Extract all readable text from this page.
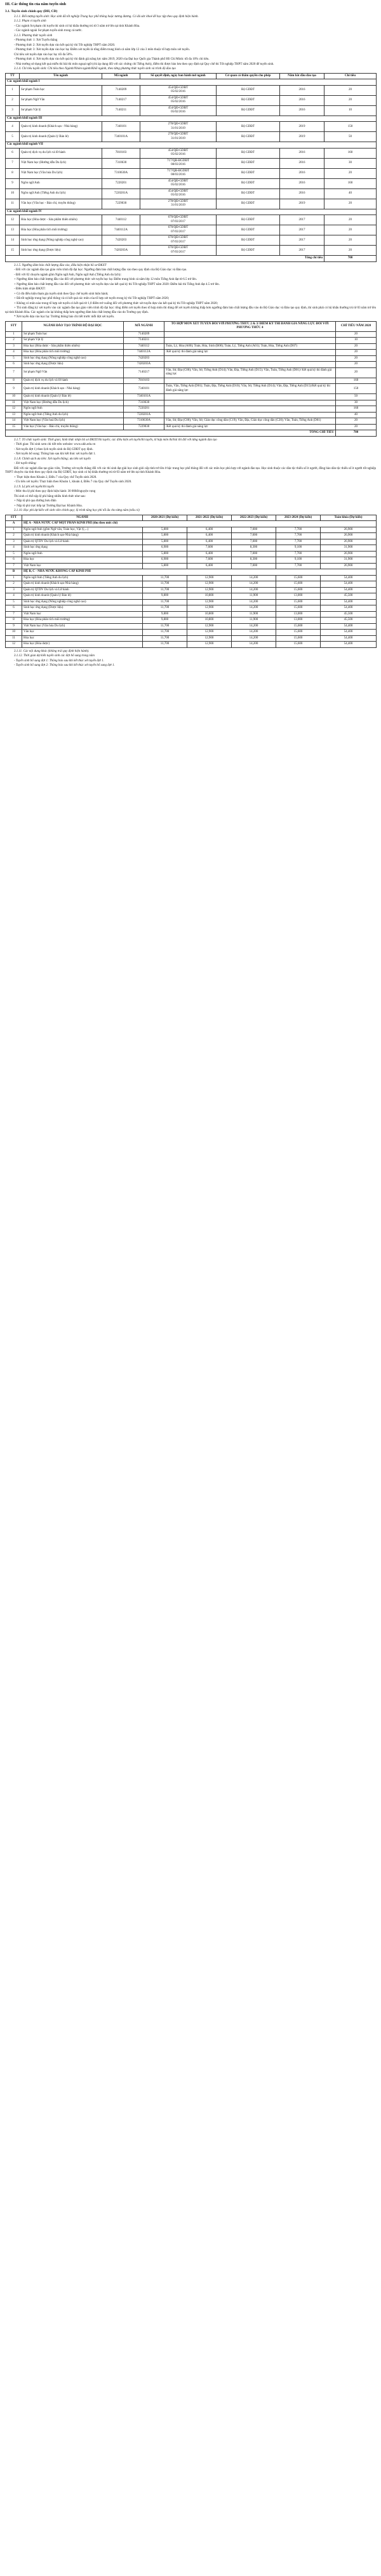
III. Các thông tin của năm tuyển sinh
3.1. Tuyển sinh chính quy (ĐH, CĐ)

3.1.1. Đối tượng tuyển sinh: Học sinh đã tốt nghiệp Trung học phổ thông hoặc tương đương. Có đủ sức khoẻ để học tập theo quy định hiện hành.

3.1.2. Phạm vi tuyển sinh

- Các ngành Sư phạm chỉ tuyển thí sinh có hộ khẩu thường trú từ 3 năm trở lên tại tỉnh Khánh Hòa.

- Các ngành ngoài Sư phạm tuyển sinh trong cả nước.

3.1.3. Phương thức tuyển sinh

- Phương thức 1: Xét Tuyển thẳng

- Phương thức 2: Xét tuyển dựa vào kết quả kỳ thi Tốt nghiệp THPT năm 2020.

- Phương thức 3: Xét tuyển dựa vào học bạ: Điểm xét tuyển là tổng điểm trung bình cả năm lớp 12 của 3 môn thuộc tổ hợp môn xét tuyển.

Chỉ tiêu xét tuyển dựa vào học bạ: tối đa 50%.

- Phương thức 4: Xét tuyển dựa vào kết quả kỳ thi đánh giá năng lực năm 2019, 2020 của Đại học Quốc gia Thành phố Hồ Chí Minh: tối đa 10% chỉ tiêu.

- Nhà trường sử dụng kết quả miễn thi bài thi môn ngoại ngữ (chỉ áp dụng đối với các chứng chỉ Tiếng Anh), điểm thi được bảo lưu theo quy định tại Quy chế thi Tốt nghiệp THPT năm 2020 để tuyển sinh.

3.1.4. Chỉ tiêu tuyển sinh: Chỉ tiêu theo Ngành/Nhóm ngành/Khối ngành, theo từng phương thức tuyển sinh và trình độ đào tạo

TT	Tên ngành	Mã ngành	Số quyết định, ngày ban hành mở ngành	Cơ quan có thẩm quyền cho phép	Năm bắt đầu đào tạo	Chỉ tiêu
Các ngành khối ngành I						
1	Sư phạm Toán học	7140209	454/QĐ-GDĐT
05/02/2016	Bộ GDĐT	2016	20
2	Sư phạm Ngữ Văn	7140217	454/QĐ-GDĐT
05/02/2016	Bộ GDĐT	2016	20
3	Sư phạm Vật lý	7140211	454/QĐ-GDĐT
05/02/2016	Bộ GDĐT	2016	10
Các ngành khối ngành III						
4	Quản trị kinh doanh (Khách sạn - Nhà hàng)	7340101	278/QĐ-GDĐT
31/01/2019	Bộ GDĐT	2019	150
5	Quản trị kinh doanh (Quản lý Bán lẻ)	7340101A	278/QĐ-GDĐT
31/01/2019	Bộ GDĐT	2019	50
Các ngành khối ngành VII						
6	Quản trị dịch vụ du lịch và lữ hành	7810103	454/QĐ-GDĐT
05/02/2016	Bộ GDĐT	2016	160
7	Việt Nam học (Hướng dẫn Du lịch)	7310630	717/QĐ-BGDĐT
08/03/2016	Bộ GDĐT	2016	30
8	Việt Nam học (Văn hóa Du lịch)	7310630A	717/QĐ-BGDĐT
08/03/2016	Bộ GDĐT	2016	20
9	Ngôn ngữ Anh	7220201	454/QĐ-GDĐT
05/02/2016	Bộ GDĐT	2016	160
10	Ngôn ngữ Anh (Tiếng Anh du lịch)	7220201A	454/QĐ-GDĐT
05/02/2016	Bộ GDĐT	2016	40
11	Văn học (Văn học - Báo chí, truyền thông)	7229030	278/QĐ-GDĐT
31/01/2019	Bộ GDĐT	2019	20
Các ngành khối ngành IV						
12	Hóa học (Hóa dược - Sản phẩm thiên nhiên)	7440112	670/QĐ-GDĐT
07/03/2017	Bộ GDĐT	2017	20
13	Hóa học (Hóa phân tích môi trường)	7440112A	670/QĐ-GDĐT
07/03/2017	Bộ GDĐT	2017	20
14	Sinh học ứng dụng (Nông nghiệp công nghệ cao)	7420203	670/QĐ-GDĐT
07/03/2017	Bộ GDĐT	2017	20
15	Sinh học ứng dụng (Dược liệu)	7420203A	670/QĐ-GDĐT
07/03/2017	Bộ GDĐT	2017	20
Tổng chỉ tiêu						700

3.1.5. Ngưỡng đảm bảo chất lượng đầu vào, điều kiện nhận hồ sơ ĐKXT

- Đối với các ngành đào tạo giáo viên trình độ đại học: Ngưỡng đảm bảo chất lượng đầu vào theo quy định của Bộ Giáo dục và Đào tạo.

- Đối với 02 chuyên ngành gồm Ngôn ngữ Anh, Ngôn ngữ Anh (Tiếng Anh du lịch):

+ Ngưỡng đảm bảo chất lượng đầu vào đối với phương thức xét tuyển học bạ: Điểm trung bình cả năm lớp 12 môn Tiếng Anh đạt từ 6.5 trở lên.

+ Ngưỡng đảm bảo chất lượng đầu vào đối với phương thức xét tuyển dựa vào kết quả kỳ thi Tốt nghiệp THPT năm 2020: Điểm bài thi Tiếng Anh đạt 4.5 trở lên.

- Điều kiện nhận ĐKXT:

+ Có đủ điều kiện tham gia tuyển sinh theo Quy chế tuyển sinh hiện hành;

+ Đã tốt nghiệp trung học phổ thông và có kết quả các môn của tổ hợp xét tuyển trong kỳ thi Tốt nghiệp THPT năm 2020;

+ Không có môn nào trong tổ hợp xét tuyển có kết quả từ 1,0 điểm trở xuống đối với phương thức xét tuyển dựa vào kết quả kỳ thi Tốt nghiệp THPT năm 2020;

+ Thí sinh đăng ký xét tuyển vào các ngành đào tạo giáo viên trình độ đại học: tổng điểm xét tuyển theo tổ hợp môn thi dùng để xét tuyển không thấp hơn ngưỡng đảm bảo chất lượng đầu vào do Bộ Giáo dục và Đào tạo quy định, thí sinh phải có hộ khẩu thường trú từ 03 năm trở lên tại tỉnh Khánh Hòa. Các ngành còn lại không thấp hơn ngưỡng đảm bảo chất lượng đầu vào do Trường quy định.

* Xét tuyển dựa vào học bạ: Trường thông báo chi tiết trước mỗi đợt xét tuyển.

STT	NGÀNH ĐÀO TẠO TRÌNH ĐỘ ĐẠI HỌC	MÃ NGÀNH	TỔ HỢP MÔN XÉT TUYỂN ĐỐI VỚI PHƯƠNG THỨC 2 & 3/ ĐIỂM KỲ THI ĐÁNH GIÁ NĂNG LỰC ĐỐI VỚI PHƯƠNG THỨC 4	CHỈ TIÊU NĂM 2020
1	Sư phạm Toán học	7140209		20
2	Sư phạm Vật lý	7140211		10
3	Hóa học (Hóa dược - Sản phẩm thiên nhiên)	7440112	Toán, Lý, Hóa (A00); Toán, Hóa, Sinh (B00); Toán, Lý, Tiếng Anh (A01); Toán, Hóa, Tiếng Anh (D07)	20
4	Hóa học (Hóa phân tích môi trường)	7440112A	/Kết quả kỳ thi đánh giá năng lực	20
5	Sinh học ứng dụng (Nông nghiệp công nghệ cao)	7420203		20
6	Sinh học ứng dụng (Dược liệu)	7420203A		20
7	Sư phạm Ngữ Văn	7140217	Văn, Sử, Địa (C00); Văn, Sử, Tiếng Anh (D14); Văn, Địa, Tiếng Anh (D15); Văn, Toán, Tiếng Anh (D01)/ Kết quả kỳ thi đánh giá năng lực	20
8	Quản trị dịch vụ du lịch và lữ hành	7810103		160
9	Quản trị kinh doanh (Khách sạn - Nhà hàng)	7340101	Toán, Văn, Tiếng Anh (D01); Toán, Địa, Tiếng Anh (D10); Văn, Sử, Tiếng Anh (D14); Văn, Địa, Tiếng Anh (D15)/Kết quả kỳ thi đánh giá năng lực	150
10	Quản trị kinh doanh (Quản lý Bán lẻ)	7340101A		50
11	Việt Nam học (Hướng dẫn Du lịch)	7310630		30
12	Ngôn ngữ Anh	7220201		160
13	Ngôn ngữ Anh (Tiếng Anh du lịch)	7220201A		40
14	Việt Nam học (Văn hoá Du lịch)	7310630A	Văn, Sử, Địa (C00); Văn, Sử, Giáo dục công dân (C19); Văn, Địa, Giáo dục công dân (C20); Văn, Toán, Tiếng Anh (D01)	20
15	Văn học (Văn học - Báo chí, truyền thông)	7229030	/Kết quả kỳ thi đánh giá năng lực	20
TỔNG CHỈ TIÊU				700

3.1.7. Tổ chức tuyển sinh: Thời gian; hình thức nhận hồ sơ ĐKXT/thi tuyển; các điều kiện xét tuyển/thi tuyển, tổ hợp môn thi/bài thi đối với từng ngành đào tạo

- Thời gian: Thí sinh xem chi tiết trên website: www.ukh.edu.vn

- Xét tuyển đợt 1) theo lịch tuyển sinh do Bộ GDĐT quy định.

- Xét tuyển bổ sung: Thông báo sau khi kết thúc xét tuyển đợt 1.

3.1.8. Chính sách ưu tiên: Xét tuyển thẳng; ưu tiên xét tuyển

- Xét tuyển thẳng:

Đối với các ngành đào tạo giáo viên, Trường xét tuyển thẳng đối với các thí sinh đạt giải học sinh giỏi cấp tỉnh trở lên ở bậc trung học phổ thông đối với các môn học phù hợp với ngành đào tạo. Học sinh thuộc các dân tộc thiểu số ít người, đồng bào dân tộc thiểu số ít người tốt nghiệp THPT chuyên của tỉnh theo quy định của Bộ GDĐT, học sinh có hộ khẩu thường trú từ 03 năm trở lên tại tỉnh Khánh Hòa.

+ Thực hiện theo Khoản 2, Điều 7 của Quy chế Tuyển sinh 2020.

- Ưu tiên xét tuyển: Thực hiện theo Khoản 1, khoản 4, Điều 7 của Quy chế Tuyển sinh 2020.

3.1.9. Lệ phí xét tuyển/thi tuyển

- Mức thu lệ phí theo quy định hiện hành: 30 000đ/nguyện vọng

Thí sinh có thể nộp lệ phí bằng nhiều hình thức như sau:

+ Nộp lệ phí qua đường bưu điện

+ Nộp lệ phí trực tiếp tại Trường Đại học Khánh Hòa.

3.1.10. Học phí dự kiến với sinh viên chính quy; lộ trình tăng học phí tối đa cho từng năm (nếu có)

STT	NGÀNH	2020-2021 (Dự kiến)	2021-2022 (Dự kiến)	2022-2023 (Dự kiến)	2023-2024 (Dự kiến)	Toàn khóa (Dự kiến)
A	HỆ A - NHÀ NƯỚC CẤP MỘT PHẦN KINH PHÍ (thu theo mức chi)					
1	Ngôn ngữ Anh (gồm Ngữ văn, Toán học, Vật lý,...)	5,800	6,400	7,000	7,700	26,900
2	Quản trị kinh doanh (Khách sạn-Nhà hàng)	5,800	6,400	7,000	7,700	26,900
3	Quản trị QTDV Du lịch và Lữ hành	5,800	6,400	7,000	7,700	26,900
4	Sinh học ứng dụng	6,900	7,600	8,300	9,100	31,900
5	Ngôn ngữ Anh	5,800	6,400	7,000	7,700	26,900
6	Hóa học	6,900	7,600	8,300	9,100	31,900
7	Việt Nam học	5,800	6,400	7,000	7,700	26,900
B	HỆ B, C - NHÀ NƯỚC KHÔNG CẤP KINH PHÍ					
1	Ngôn ngữ Anh (Tiếng Anh du lịch)	11,700	12,900	14,200	15,600	54,400
2	Quản trị kinh doanh (Khách sạn-Nhà hàng)	11,700	12,900	14,200	15,600	54,400
3	Quản trị QTDV Du lịch và Lữ hành	11,700	12,900	14,200	15,600	54,400
4	Quản trị kinh doanh (Quản lý Bán lẻ)	9,800	10,800	11,900	13,000	45,500
5	Sinh học ứng dụng (Nông nghiệp công nghệ cao)	11,700	12,900	14,200	15,600	54,400
6	Sinh học ứng dụng (Dược liệu)	11,700	12,900	14,200	15,600	54,400
7	Việt Nam học	9,800	10,800	11,900	13,000	45,500
8	Hóa học (Hóa phân tích môi trường)	9,800	10,800	11,900	13,000	45,500
9	Việt Nam học (Văn hóa Du lịch)	11,700	12,900	14,200	15,600	54,400
10	Văn học	11,700	12,900	14,200	15,600	54,400
11	Hóa học	11,700	12,900	14,200	15,600	54,400
12	Hóa học (Hóa dược)	11,700	12,900	14,200	15,600	54,400

3.1.11. Các nội dung khác (không trái quy định hiện hành).

3.1.12. Thời gian dự kiến tuyển sinh các đợt bổ sung trong năm

- Tuyển sinh bổ sung đợt 1: Thông báo sau khi kết thúc xét tuyển đợt 1.

- Tuyển sinh bổ sung đợt 2: Thông báo sau khi kết thúc xét tuyển bổ sung đợt 1.
